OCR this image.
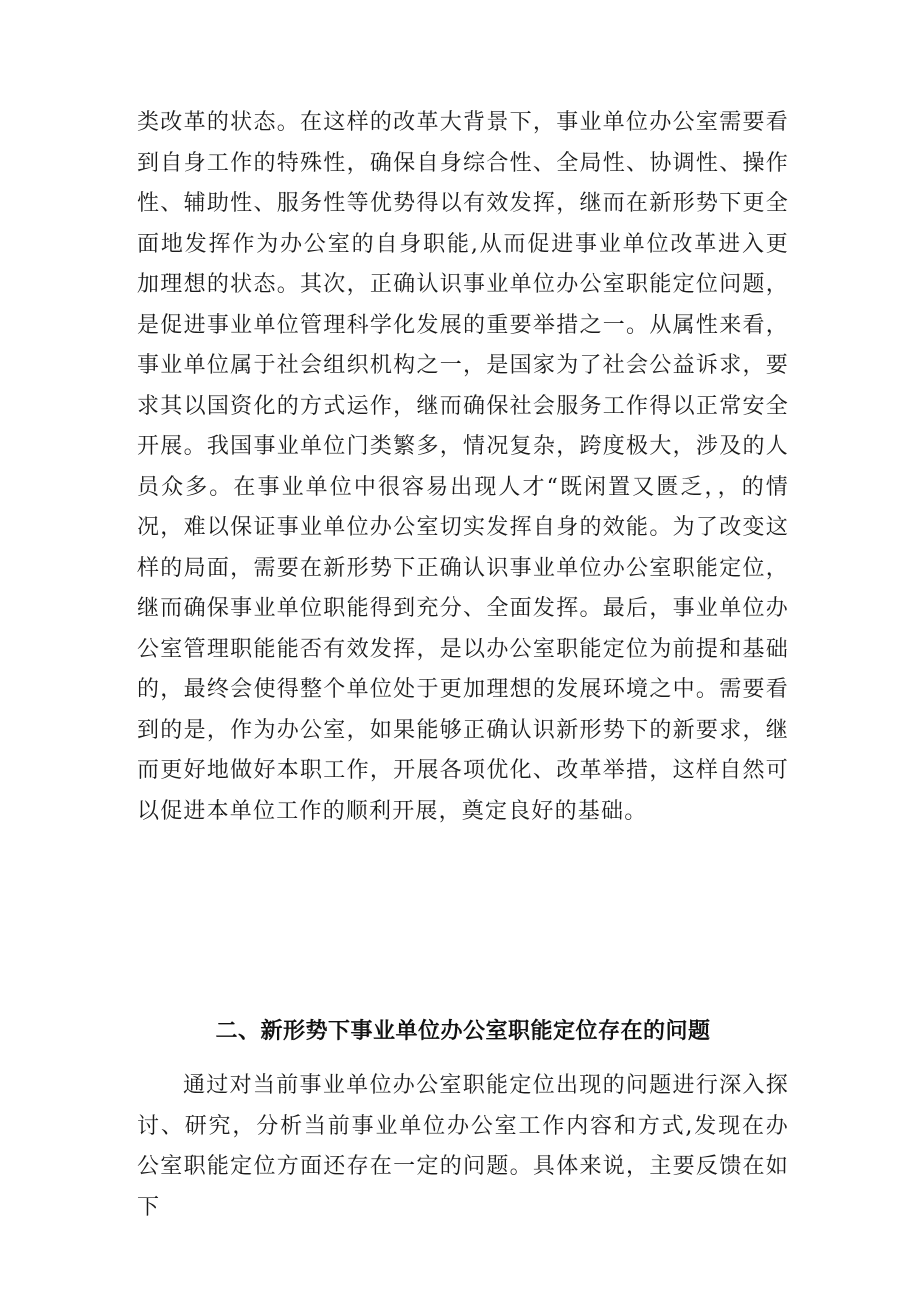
类改革的状态。在这样的改革大背景下，事业单位办公室需要看到自身工作的特殊性，确保自身综合性、全局性、协调性、操作性、辅助性、服务性等优势得以有效发挥，继而在新形势下更全面地发挥作为办公室的自身职能,从而促进事业单位改革进入更加理想的状态。其次，正确认识事业单位办公室职能定位问题，是促进事业单位管理科学化发展的重要举措之一。从属性来看，事业单位属于社会组织机构之一，是国家为了社会公益诉求，要求其以国资化的方式运作，继而确保社会服务工作得以正常安全开展。我国事业单位门类繁多，情况复杂，跨度极大，涉及的人员众多。在事业单位中很容易出现人才“既闲置又匮乏，，的情况，难以保证事业单位办公室切实发挥自身的效能。为了改变这样的局面，需要在新形势下正确认识事业单位办公室职能定位，继而确保事业单位职能得到充分、全面发挥。最后，事业单位办公室管理职能能否有效发挥，是以办公室职能定位为前提和基础的，最终会使得整个单位处于更加理想的发展环境之中。需要看到的是，作为办公室，如果能够正确认识新形势下的新要求，继而更好地做好本职工作，开展各项优化、改革举措，这样自然可以促进本单位工作的顺利开展，奠定良好的基础。

二、新形势下事业单位办公室职能定位存在的问题

通过对当前事业单位办公室职能定位出现的问题进行深入探讨、研究，分析当前事业单位办公室工作内容和方式,发现在办公室职能定位方面还存在一定的问题。具体来说，主要反馈在如下
